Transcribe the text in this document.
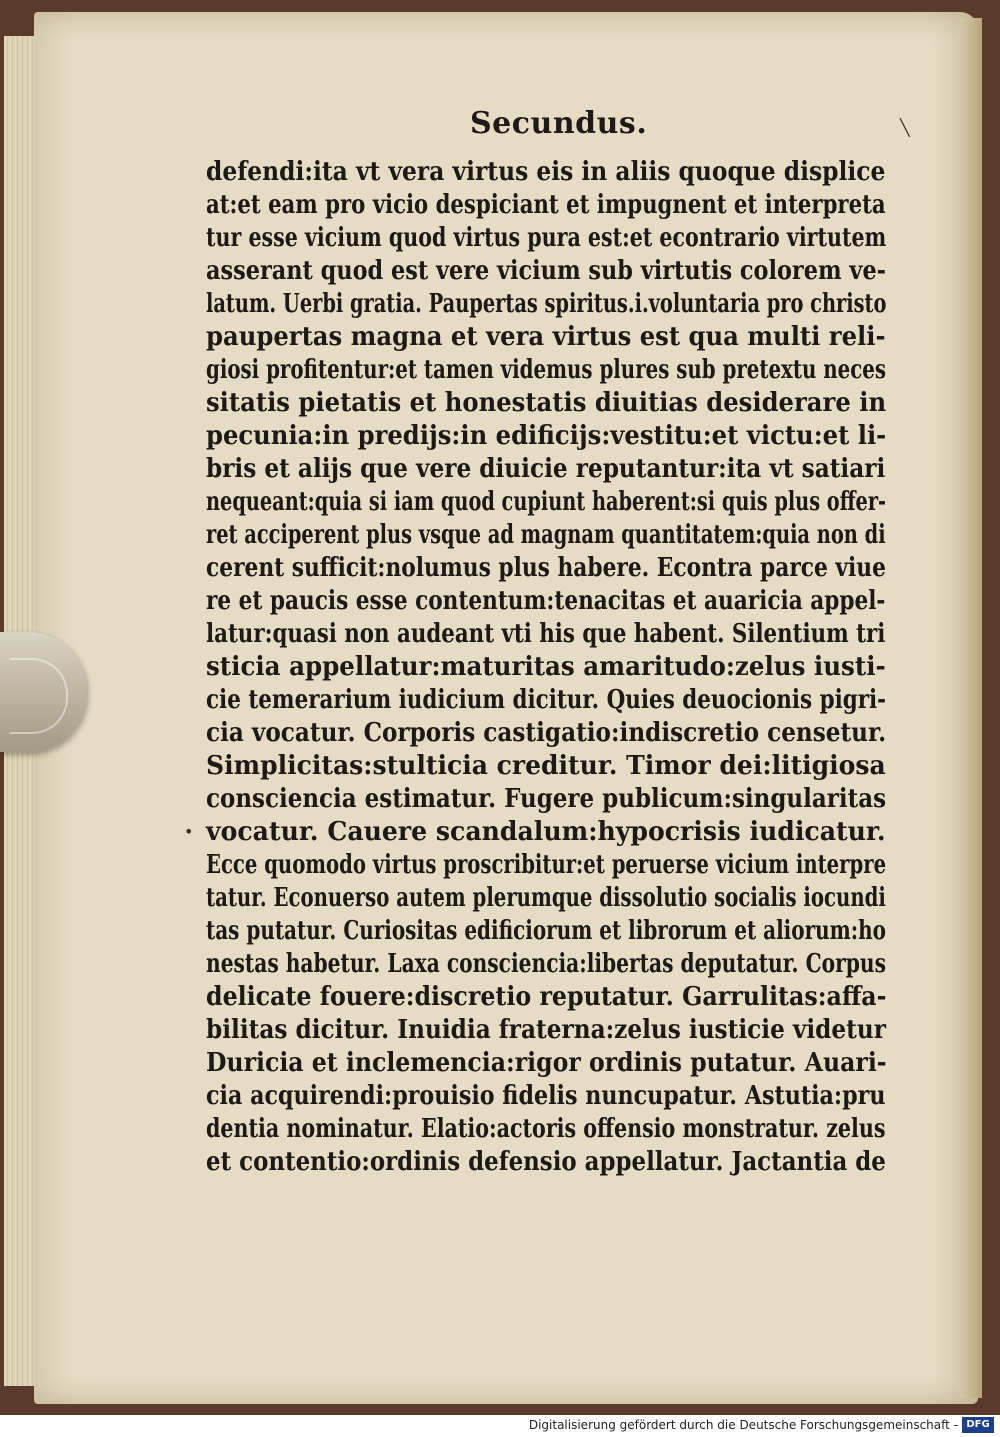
Secundus.	╲
•
defendi:ita vt vera virtus eis in aliis quoque displice
at:et eam pro vicio despiciant et impugnent et interpreta
tur esse vicium quod virtus pura est:et econtrario virtutem
asserant quod est vere vicium sub virtutis colorem ve-
latum. Uerbi gratia. Paupertas spiritus.i.voluntaria pro christo
paupertas magna et vera virtus est qua multi reli-
giosi profitentur:et tamen videmus plures sub pretextu neces
sitatis pietatis et honestatis diuitias desiderare in
pecunia:in predijs:in edificijs:vestitu:et victu:et li-
bris et alijs que vere diuicie reputantur:ita vt satiari
nequeant:quia si iam quod cupiunt haberent:si quis plus offer-
ret acciperent plus vsque ad magnam quantitatem:quia non di
cerent sufficit:nolumus plus habere. Econtra parce viue
re et paucis esse contentum:tenacitas et auaricia appel-
latur:quasi non audeant vti his que habent. Silentium tri
sticia appellatur:maturitas amaritudo:zelus iusti-
cie temerarium iudicium dicitur. Quies deuocionis pigri-
cia vocatur. Corporis castigatio:indiscretio censetur.
Simplicitas:stulticia creditur. Timor dei:litigiosa
consciencia estimatur. Fugere publicum:singularitas
vocatur. Cauere scandalum:hypocrisis iudicatur.
Ecce quomodo virtus proscribitur:et peruerse vicium interpre
tatur. Econuerso autem plerumque dissolutio socialis iocundi
tas putatur. Curiositas edificiorum et librorum et aliorum:ho
nestas habetur. Laxa consciencia:libertas deputatur. Corpus
delicate fouere:discretio reputatur. Garrulitas:affa-
bilitas dicitur. Inuidia fraterna:zelus iusticie videtur
Duricia et inclemencia:rigor ordinis putatur. Auari-
cia acquirendi:prouisio fidelis nuncupatur. Astutia:pru
dentia nominatur. Elatio:actoris offensio monstratur. zelus
et contentio:ordinis defensio appellatur. Jactantia de
Digitalisierung gefördert durch die Deutsche Forschungsgemeinschaft - DFG
